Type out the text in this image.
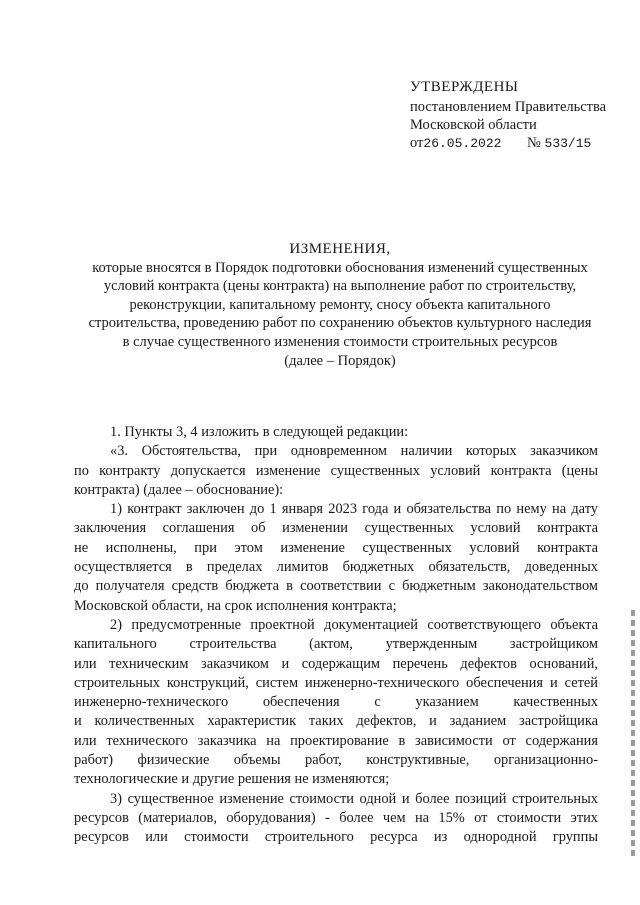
УТВЕРЖДЕНЫ
постановлением Правительства
Московской области
от26.05.2022 № 533/15
ИЗМЕНЕНИЯ,
которые вносятся в Порядок подготовки обоснования изменений существенных
условий контракта (цены контракта) на выполнение работ по строительству,
реконструкции, капитальному ремонту, сносу объекта капитального
строительства, проведению работ по сохранению объектов культурного наследия
в случае существенного изменения стоимости строительных ресурсов
(далее – Порядок)
1. Пункты 3, 4 изложить в следующей редакции:
«3. Обстоятельства, при одновременном наличии которых заказчиком
по контракту допускается изменение существенных условий контракта (цены
контракта) (далее – обоснование):
1) контракт заключен до 1 января 2023 года и обязательства по нему на дату
заключения соглашения об изменении существенных условий контракта
не исполнены, при этом изменение существенных условий контракта
осуществляется в пределах лимитов бюджетных обязательств, доведенных
до получателя средств бюджета в соответствии с бюджетным законодательством
Московской области, на срок исполнения контракта;
2) предусмотренные проектной документацией соответствующего объекта
капитального строительства (актом, утвержденным застройщиком
или техническим заказчиком и содержащим перечень дефектов оснований,
строительных конструкций, систем инженерно-технического обеспечения и сетей
инженерно-технического обеспечения с указанием качественных
и количественных характеристик таких дефектов, и заданием застройщика
или технического заказчика на проектирование в зависимости от содержания
работ) физические объемы работ, конструктивные, организационно-
технологические и другие решения не изменяются;
3) существенное изменение стоимости одной и более позиций строительных
ресурсов (материалов, оборудования) - более чем на 15% от стоимости этих
ресурсов или стоимости строительного ресурса из однородной группы
